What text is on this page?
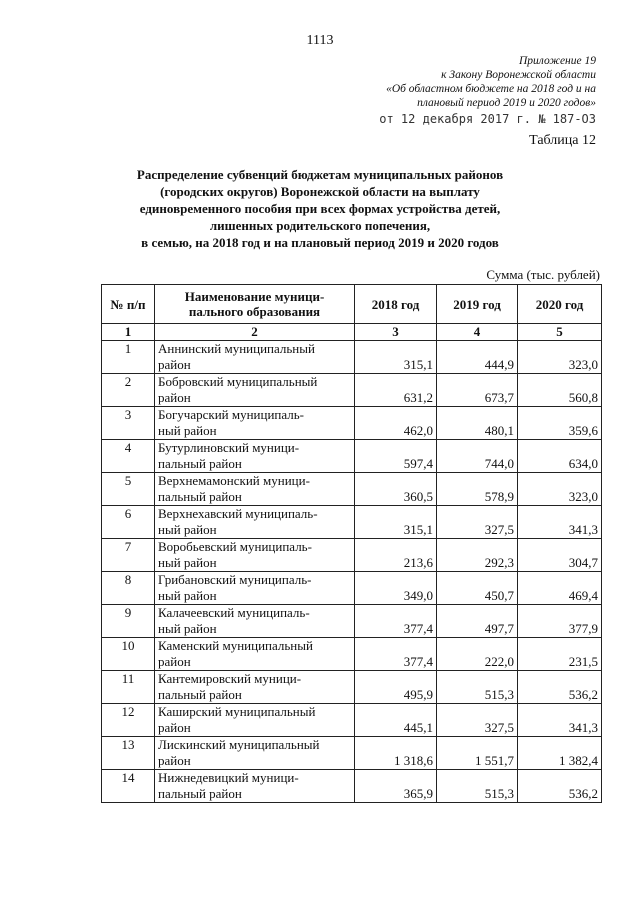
1113
Приложение 19
к Закону Воронежской области
«Об областном бюджете на 2018 год и на
плановый период 2019 и 2020 годов»
от 12 декабря 2017 г. № 187-ОЗ
Таблица 12
Распределение субвенций бюджетам муниципальных районов
(городских округов) Воронежской области на выплату
единовременного пособия при всех формах устройства детей,
лишенных родительского попечения,
в семью, на 2018 год и на плановый период 2019 и 2020 годов
Сумма (тыс. рублей)
№ п/п	Наименование муници-пального образования	2018 год	2019 год	2020 год
1	2	3	4	5
1	Аннинский муниципальный
район	315,1	444,9	323,0
2	Бобровский муниципальный
район	631,2	673,7	560,8
3	Богучарский муниципаль-
ный район	462,0	480,1	359,6
4	Бутурлиновский муници-
пальный район	597,4	744,0	634,0
5	Верхнемамонский муници-
пальный район	360,5	578,9	323,0
6	Верхнехавский муниципаль-
ный район	315,1	327,5	341,3
7	Воробьевский муниципаль-
ный район	213,6	292,3	304,7
8	Грибановский муниципаль-
ный район	349,0	450,7	469,4
9	Калачеевский муниципаль-
ный район	377,4	497,7	377,9
10	Каменский муниципальный
район	377,4	222,0	231,5
11	Кантемировский муници-
пальный район	495,9	515,3	536,2
12	Каширский муниципальный
район	445,1	327,5	341,3
13	Лискинский муниципальный
район	1 318,6	1 551,7	1 382,4
14	Нижнедевицкий муници-
пальный район	365,9	515,3	536,2
